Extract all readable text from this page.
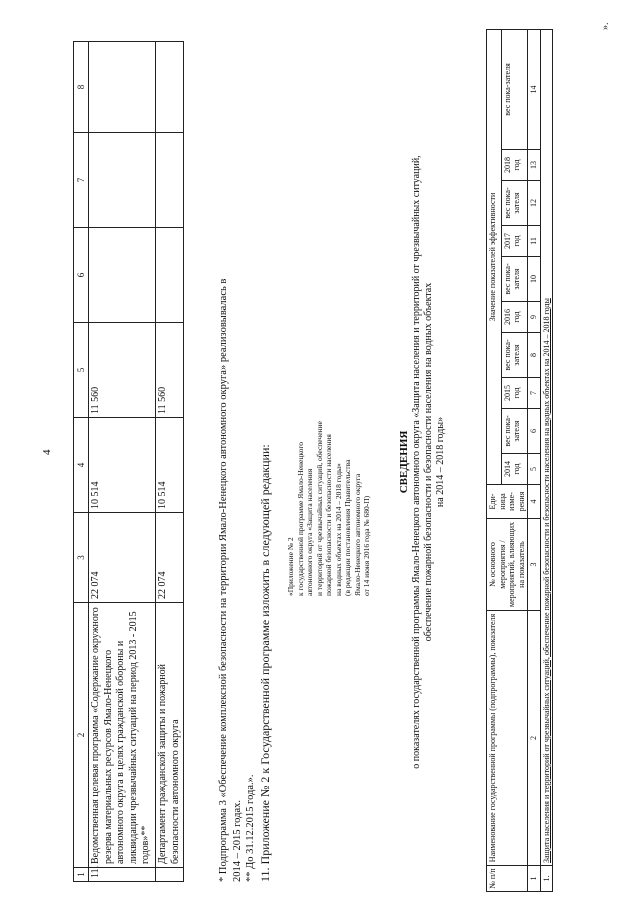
4
».
1	2	3	4	5	6	7	8
11.	Ведомственная целевая программа «Содержание окружного резерва материальных ресурсов Ямало-Ненецкого автономного округа в целях гражданской обороны и ликвидации чрезвычайных ситуаций на период 2013 - 2015 годов»**	22 074	10 514	11 560			
	Департамент гражданской защиты и пожарной безопасности автономного округа	22 074	10 514	11 560				* Подпрограмма 3 «Обеспечение комплексной безопасности на территории Ямало-Ненецкого автономного округа» реализовывалась в 2014 – 2015 годах. ** До 31.12.2015 года.». 11. Приложение № 2 к Государственной программе изложить в следующей редакции: «Приложение № 2 к государственной программе Ямало-Ненецкого автономного округа «Защита населения и территорий от чрезвычайных ситуаций, обеспечение пожарной безопасности и безопасности населения на водных объектах на 2014 – 2018 годы» (в редакции постановления Правительства Ямало-Ненецкого автономного округа от 14 июня 2016 года № 680-П)
СВЕДЕНИЯ о показателях государственной программы Ямало-Ненецкого автономного округа «Защита населения и территорий от чрезвычайных ситуаций, обеспечение пожарной безопасности и безопасности населения на водных объектах на 2014 – 2018 годы»
№ п/п	Наименование государственной программы (подпрограммы), показателя	№ основного мероприятия /мероприятий, влияющих на показатель	Еди-ница изме-рения	Значение показателей эффективности									
				2014 год	вес пока-зателя	2015 год	вес пока-зателя	2016 год	вес пока-зателя	2017 год	вес пока-зателя	2018 год	вес пока-зателя
1	2	3	4	5	6	7	8	9	10	11	12	13	14
1.	Защита населения и территорий от чрезвычайных ситуаций, обеспечение пожарной безопасности и безопасности населения на водных объектах на 2014 – 2018 годы												
